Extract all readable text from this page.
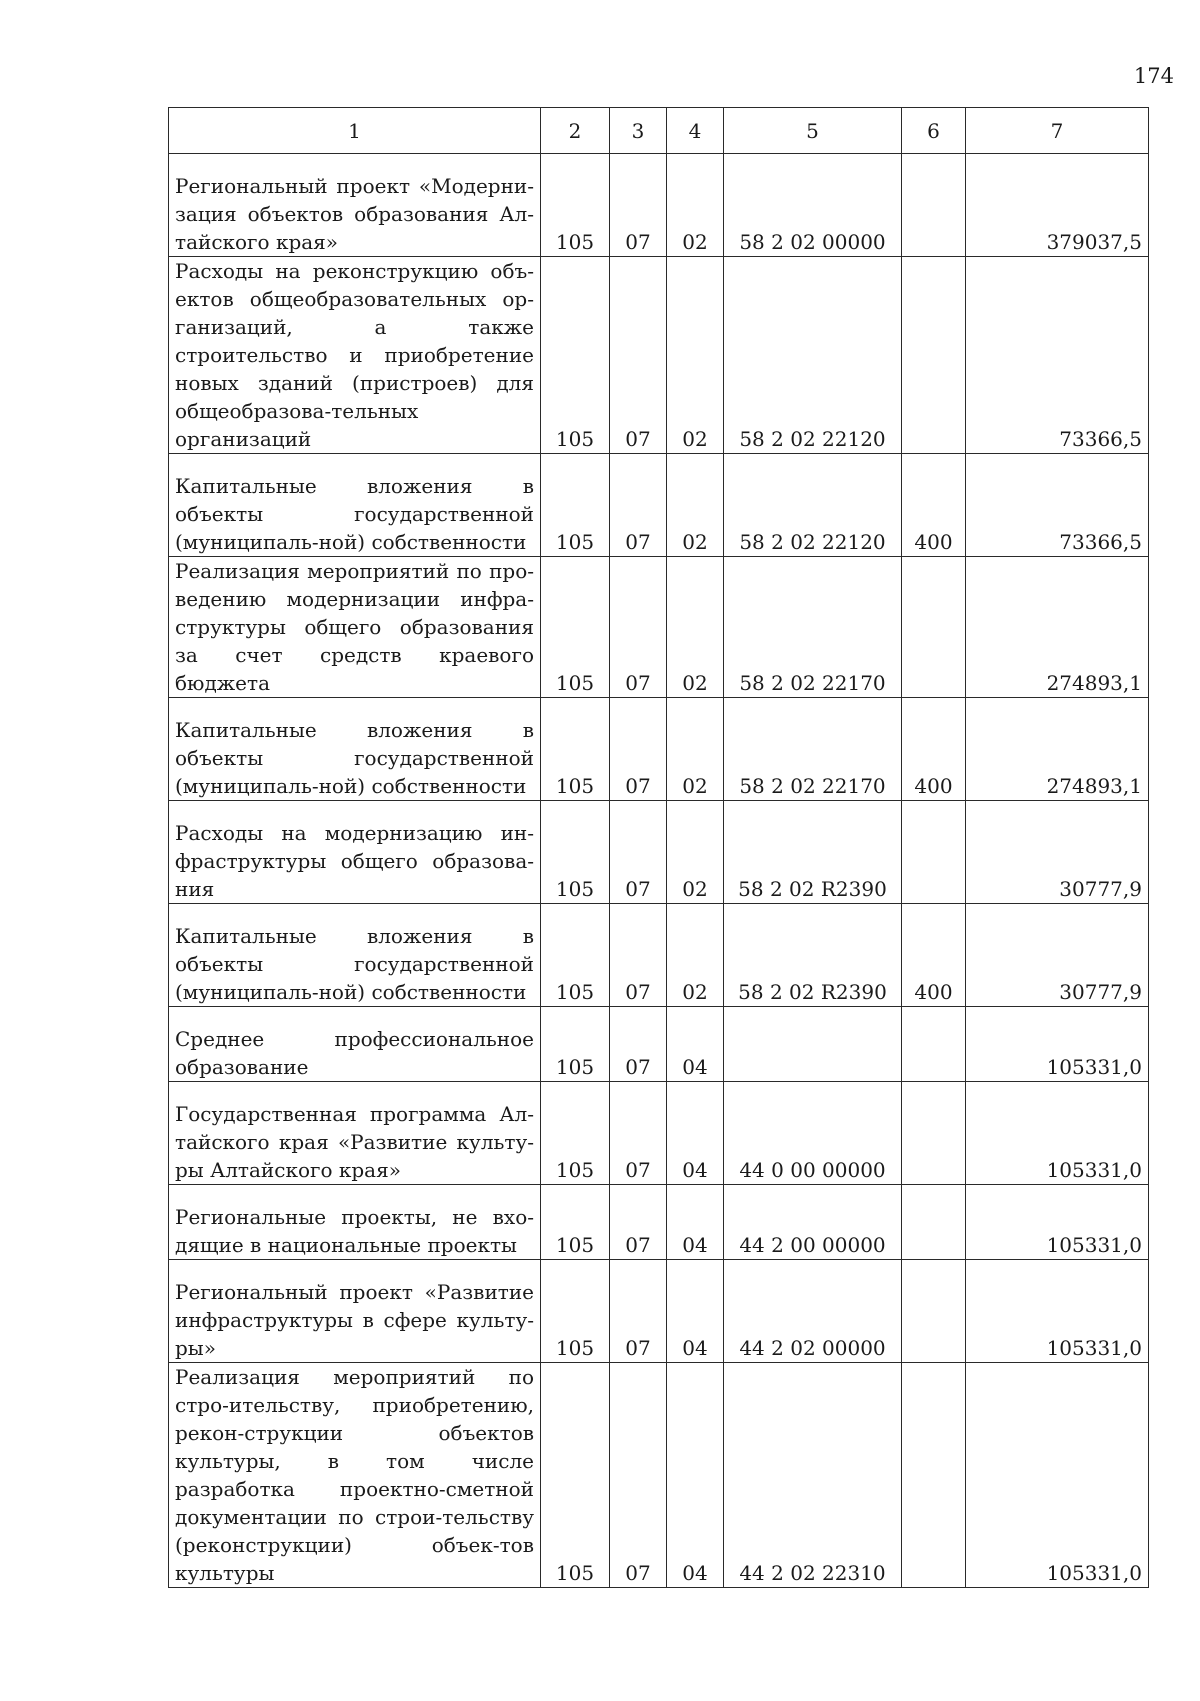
174
1	2	3	4	5	6	7
Региональный проект «Модерни-зация объектов образования Ал-тайского края»	105	07	02	58 2 02 00000		379037,5
Расходы на реконструкцию объ-ектов общеобразовательных ор-ганизаций, а также строительство и приобретение новых зданий (пристроев) для общеобразова-тельных организаций	105	07	02	58 2 02 22120		73366,5
Капитальные вложения в объекты государственной (муниципаль-ной) собственности	105	07	02	58 2 02 22120	400	73366,5
Реализация мероприятий по про-ведению модернизации инфра-структуры общего образования за счет средств краевого бюджета	105	07	02	58 2 02 22170		274893,1
Капитальные вложения в объекты государственной (муниципаль-ной) собственности	105	07	02	58 2 02 22170	400	274893,1
Расходы на модернизацию ин-фраструктуры общего образова-ния	105	07	02	58 2 02 R2390		30777,9
Капитальные вложения в объекты государственной (муниципаль-ной) собственности	105	07	02	58 2 02 R2390	400	30777,9
Среднее профессиональное образование	105	07	04			105331,0
Государственная программа Ал-тайского края «Развитие культу-ры Алтайского края»	105	07	04	44 0 00 00000		105331,0
Региональные проекты, не вхо-дящие в национальные проекты	105	07	04	44 2 00 00000		105331,0
Региональный проект «Развитие инфраструктуры в сфере культу-ры»	105	07	04	44 2 02 00000		105331,0
Реализация мероприятий по стро-ительству, приобретению, рекон-струкции объектов культуры, в том числе разработка проектно-сметной документации по строи-тельству (реконструкции) объек-тов культуры	105	07	04	44 2 02 22310		105331,0
